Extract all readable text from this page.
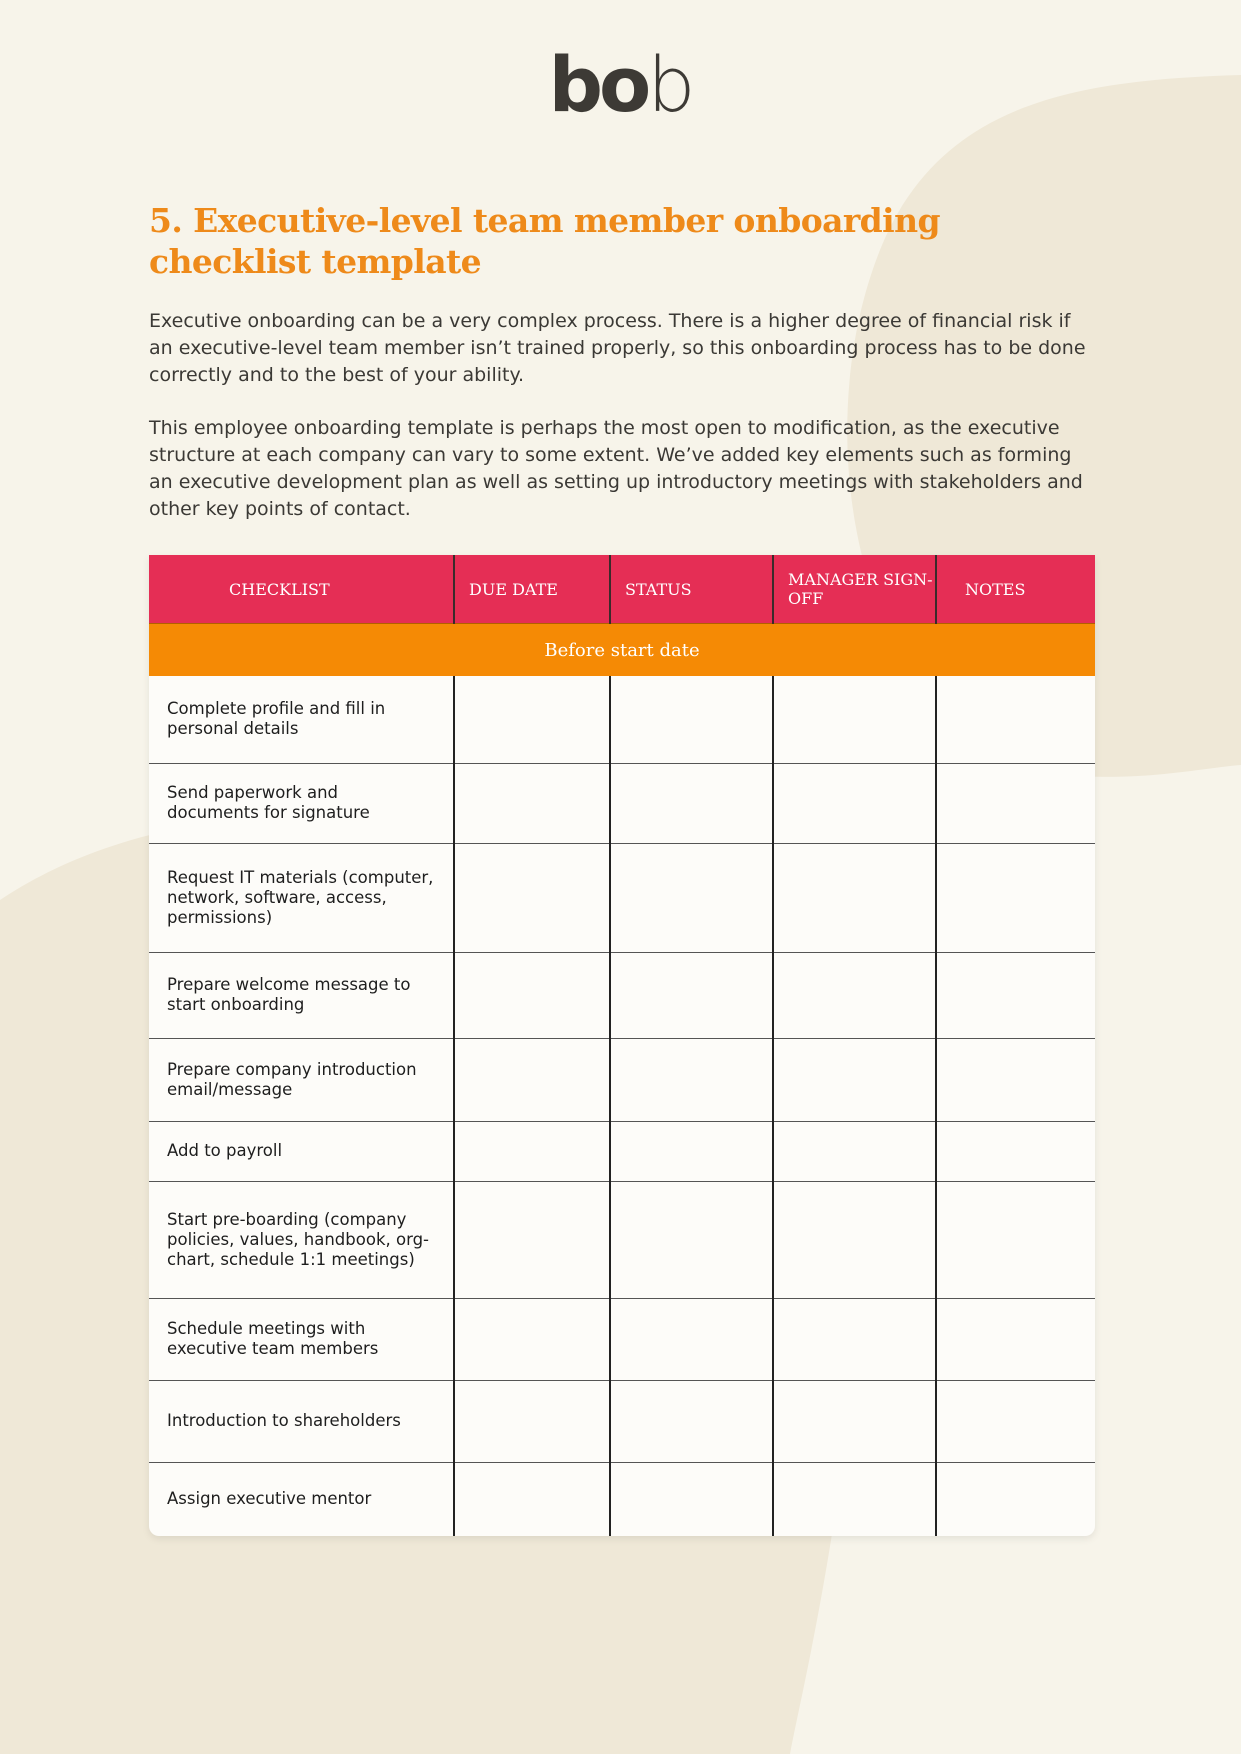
bob
5. Executive-level team member onboarding checklist template

Executive onboarding can be a very complex process. There is a higher degree of financial risk if an executive-level team member isn’t trained properly, so this onboarding process has to be done correctly and to the best of your ability.

This employee onboarding template is perhaps the most open to modification, as the executive structure at each company can vary to some extent. We’ve added key elements such as forming an executive development plan as well as setting up introductory meetings with stakeholders and other key points of contact.

CHECKLIST	DUE DATE	STATUS	MANAGER SIGN-OFF	NOTES
Before start date				
Complete profile and fill in personal details				
Send paperwork and documents for signature				
Request IT materials (computer, network, software, access, permissions)				
Prepare welcome message to start onboarding				
Prepare company introduction email/message				
Add to payroll				
Start pre-boarding (company policies, values, handbook, org-chart, schedule 1:1 meetings)				
Schedule meetings with executive team members				
Introduction to shareholders				
Assign executive mentor				
